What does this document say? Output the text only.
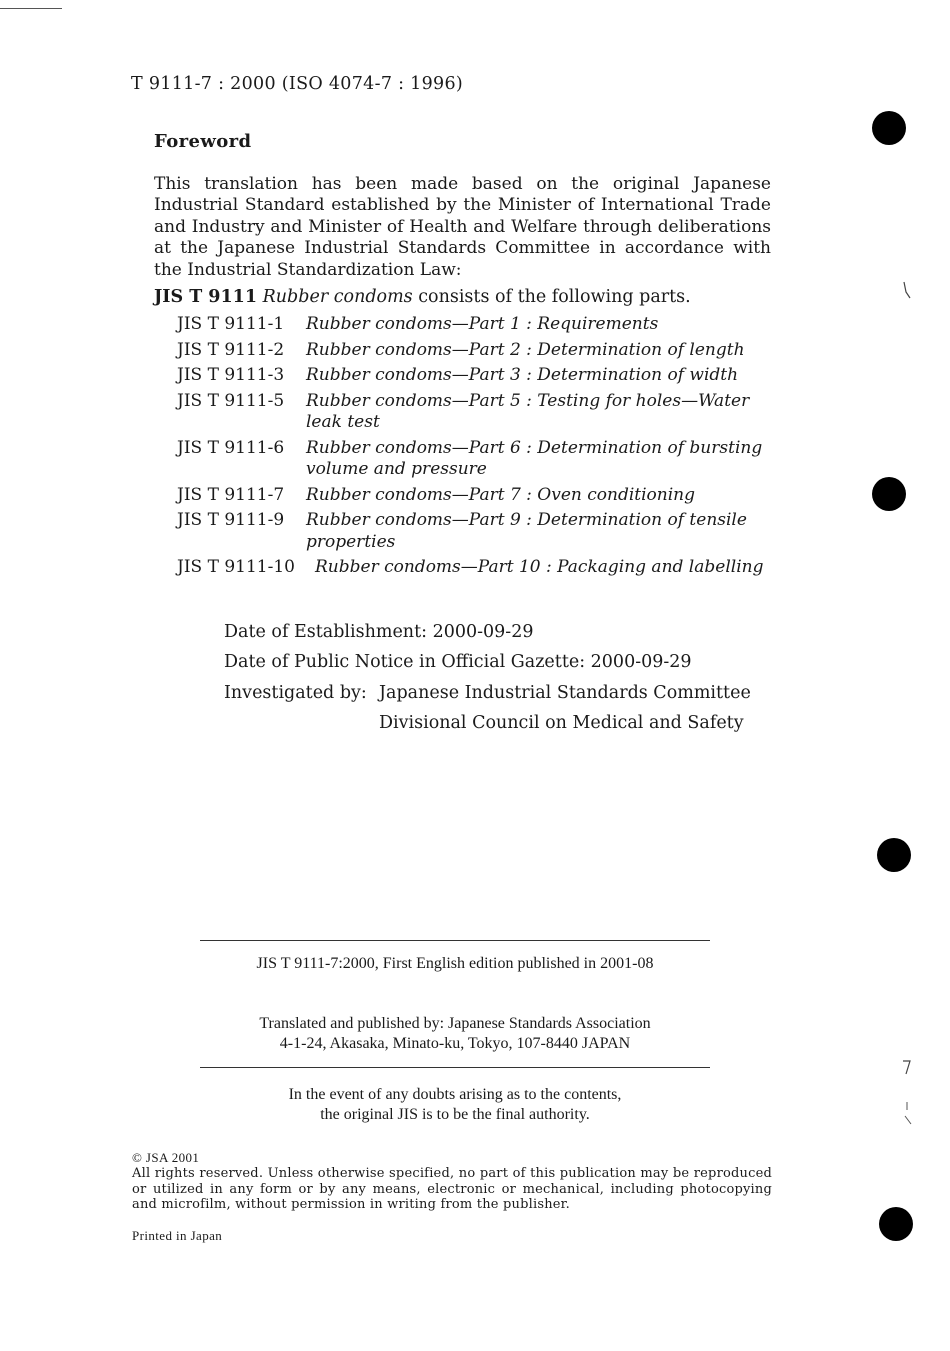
T 9111-7 : 2000 (ISO 4074-7 : 1996)
Foreword
This translation has been made based on the original Japanese Industrial Standard established by the Minister of International Trade and Industry and Minister of Health and Welfare through deliberations at the Japanese Industrial Standards Committee in accordance with the Industrial Standardization Law:
JIS T 9111 Rubber condoms consists of the following parts.
JIS T 9111-1	Rubber condoms—Part 1 : Requirements
JIS T 9111-2	Rubber condoms—Part 2 : Determination of length
JIS T 9111-3	Rubber condoms—Part 3 : Determination of width
JIS T 9111-5	Rubber condoms—Part 5 : Testing for holes—Water leak test
JIS T 9111-6	Rubber condoms—Part 6 : Determination of bursting volume and pressure
JIS T 9111-7	Rubber condoms—Part 7 : Oven conditioning
JIS T 9111-9	Rubber condoms—Part 9 : Determination of tensile properties
JIS T 9111-10	Rubber condoms—Part 10 : Packaging and labelling
Date of Establishment: 2000-09-29
Date of Public Notice in Official Gazette: 2000-09-29
Investigated by: Japanese Industrial Standards Committee
Divisional Council on Medical and Safety
JIS T 9111-7:2000, First English edition published in 2001-08
Translated and published by: Japanese Standards Association
4-1-24, Akasaka, Minato-ku, Tokyo, 107-8440 JAPAN
In the event of any doubts arising as to the contents,
the original JIS is to be the final authority.
© JSA 2001
All rights reserved. Unless otherwise specified, no part of this publication may be reproduced or utilized in any form or by any means, electronic or mechanical, including photocopying and microfilm, without permission in writing from the publisher.
Printed in Japan
